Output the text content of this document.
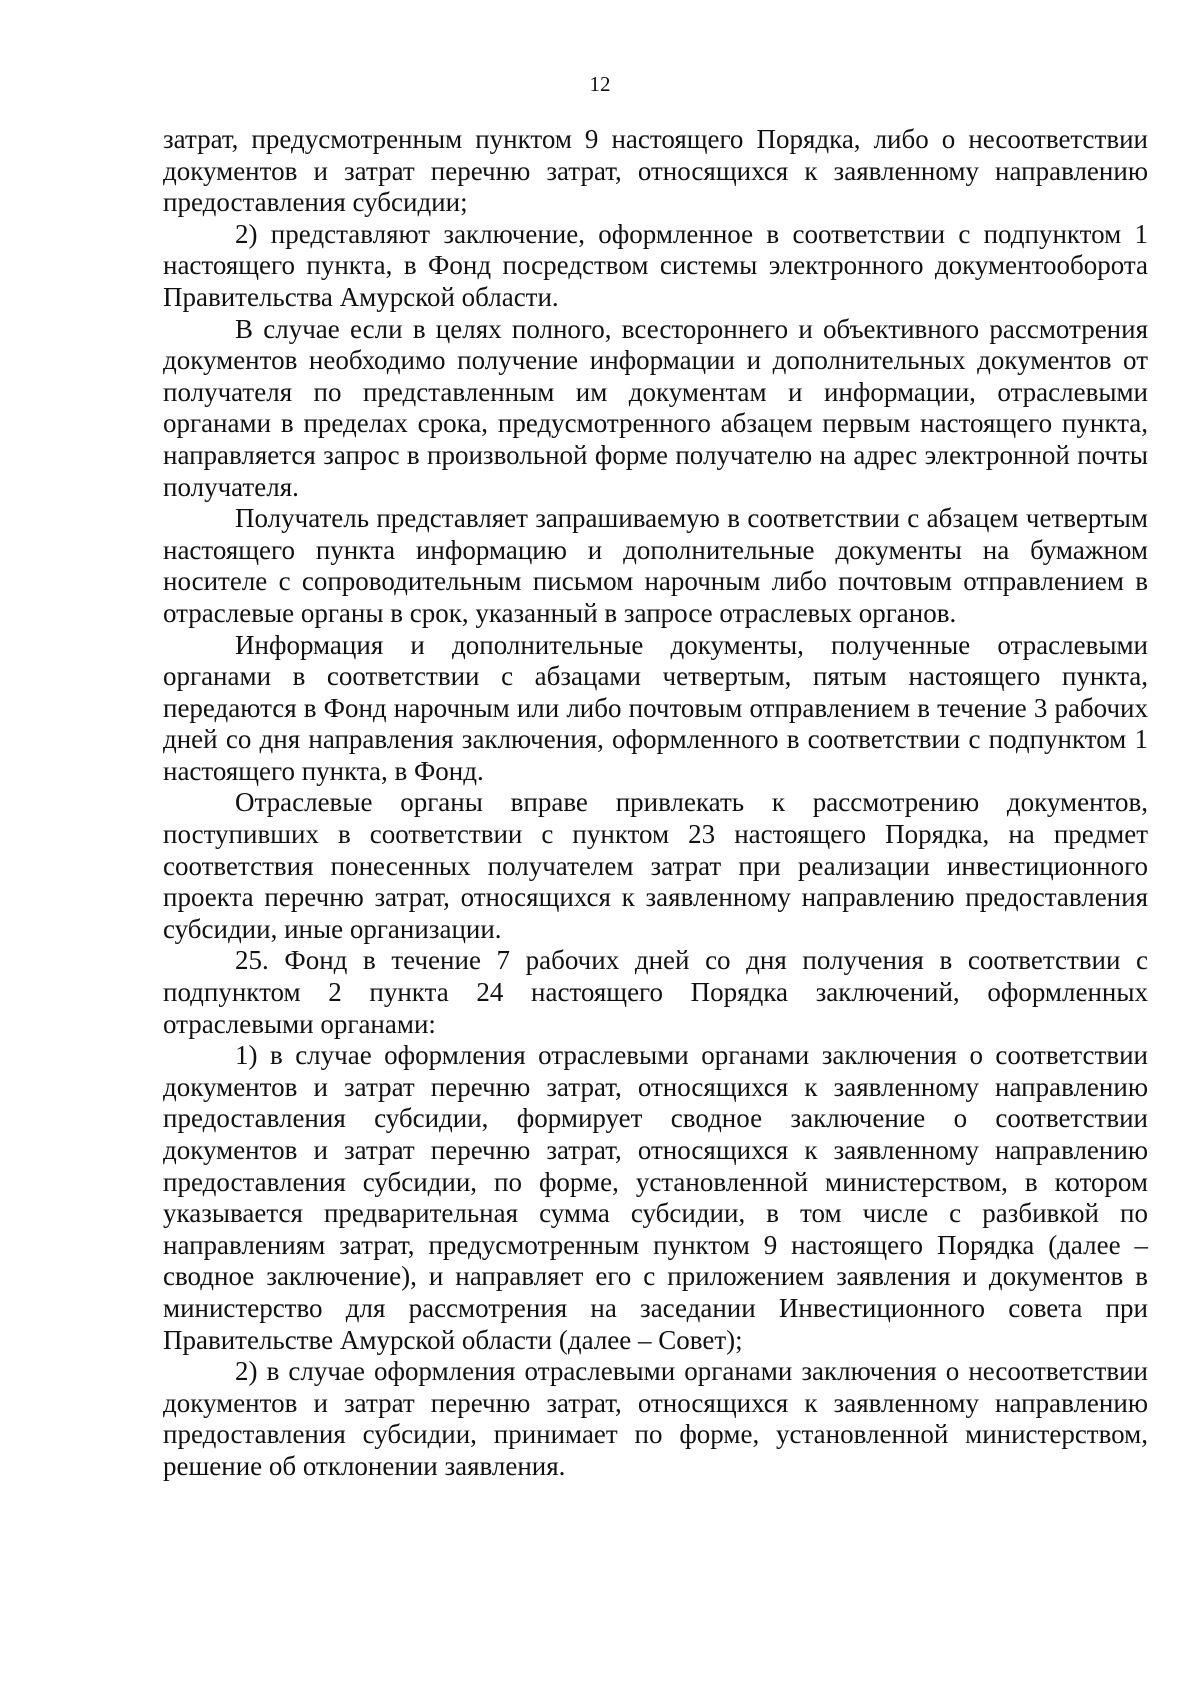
12

затрат, предусмотренным пунктом 9 настоящего Порядка, либо о несоответствии документов и затрат перечню затрат, относящихся к заявленному направлению предоставления субсидии;

2) представляют заключение, оформленное в соответствии с подпунктом 1 настоящего пункта, в Фонд посредством системы электронного документооборота Правительства Амурской области.

В случае если в целях полного, всестороннего и объективного рассмотрения документов необходимо получение информации и дополнительных документов от получателя по представленным им документам и информации, отраслевыми органами в пределах срока, предусмотренного абзацем первым настоящего пункта, направляется запрос в произвольной форме получателю на адрес электронной почты получателя.

Получатель представляет запрашиваемую в соответствии с абзацем четвертым настоящего пункта информацию и дополнительные документы на бумажном носителе с сопроводительным письмом нарочным либо почтовым отправлением в отраслевые органы в срок, указанный в запросе отраслевых органов.

Информация и дополнительные документы, полученные отраслевыми органами в соответствии с абзацами четвертым, пятым настоящего пункта, передаются в Фонд нарочным или либо почтовым отправлением в течение 3 рабочих дней со дня направления заключения, оформленного в соответствии с подпунктом 1 настоящего пункта, в Фонд.

Отраслевые органы вправе привлекать к рассмотрению документов, поступивших в соответствии с пунктом 23 настоящего Порядка, на предмет соответствия понесенных получателем затрат при реализации инвестиционного проекта перечню затрат, относящихся к заявленному направлению предоставления субсидии, иные организации.

25. Фонд в течение 7 рабочих дней со дня получения в соответствии с подпунктом 2 пункта 24 настоящего Порядка заключений, оформленных отраслевыми органами:

1) в случае оформления отраслевыми органами заключения о соответствии документов и затрат перечню затрат, относящихся к заявленному направлению предоставления субсидии, формирует сводное заключение о соответствии документов и затрат перечню затрат, относящихся к заявленному направлению предоставления субсидии, по форме, установленной министерством, в котором указывается предварительная сумма субсидии, в том числе с разбивкой по направлениям затрат, предусмотренным пунктом 9 настоящего Порядка (далее – сводное заключение), и направляет его с приложением заявления и документов в министерство для рассмотрения на заседании Инвестиционного совета при Правительстве Амурской области (далее – Совет);

2) в случае оформления отраслевыми органами заключения о несоответствии документов и затрат перечню затрат, относящихся к заявленному направлению предоставления субсидии, принимает по форме, установленной министерством, решение об отклонении заявления.
